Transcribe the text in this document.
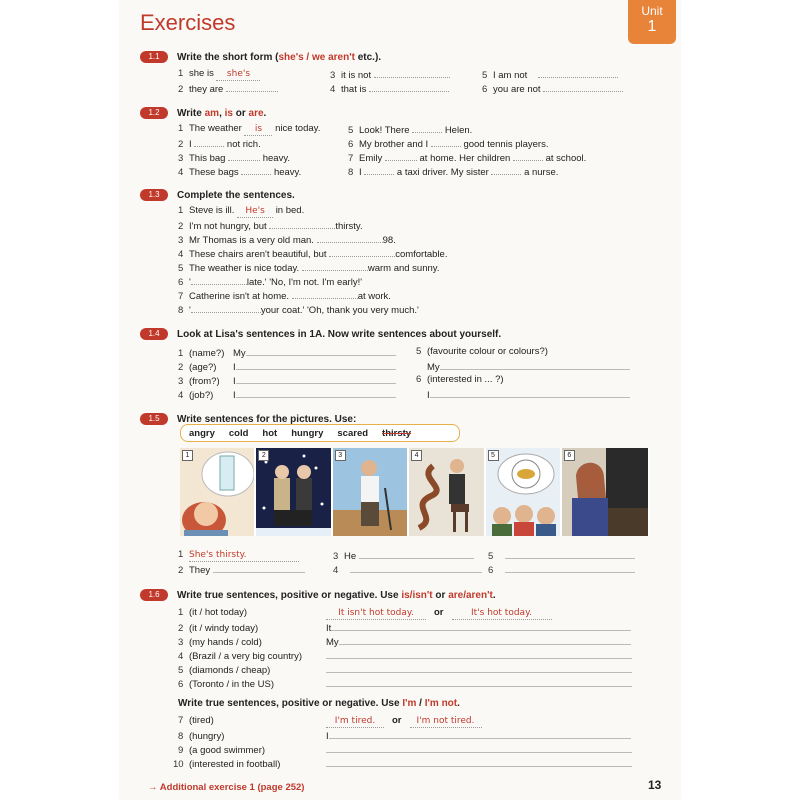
Exercises	Unit
1
1.1	Write the short form (she's / we aren't etc.).
1 she is she's
2 they are
3 it is not
4 that is
5 I am not
6 you are not
1.2	Write am, is or are.
1 The weather is nice today.
2 I	not rich.
3 This bag	heavy.
4 These bags	heavy.
5 Look! There	Helen.
6 My brother and I	good tennis players.
7 Emily	at home. Her children	at school.
8 I	a taxi driver. My sister	a nurse.
1.3	Complete the sentences.
1 Steve is ill. He's in bed.
2 I'm not hungry, but	thirsty.
3 Mr Thomas is a very old man.	98.
4 These chairs aren't beautiful, but	comfortable.
5 The weather is nice today.	warm and sunny.
6 '	late.' 'No, I'm not. I'm early!'
7 Catherine isn't at home.	at work.
8 '	your coat.' 'Oh, thank you very much.'
1.4	Look at Lisa's sentences in 1A. Now write sentences about yourself.
1 (name?) My
2 (age?) I
3 (from?) I
4 (job?) I
5 (favourite colour or colours?)
My
6 (interested in ... ?)
I
1.5	Write sentences for the pictures. Use:
angry cold hot hungry scared thirsty
1	2	3	4	5	6
1 She's thirsty.
2 They
3 He
4
5
6
1.6	Write true sentences, positive or negative. Use is/isn't or are/aren't.
1 (it / hot today)	It isn't hot today. or	It's hot today.
2 (it / windy today)	It
3 (my hands / cold)	My
4 (Brazil / a very big country)
5 (diamonds / cheap)
6 (Toronto / in the US)
Write true sentences, positive or negative. Use I'm / I'm not.
7 (tired)	I'm tired. or I'm not tired.
8 (hungry)	I
9 (a good swimmer)
10 (interested in football)
→ Additional exercise 1 (page 252)	13
